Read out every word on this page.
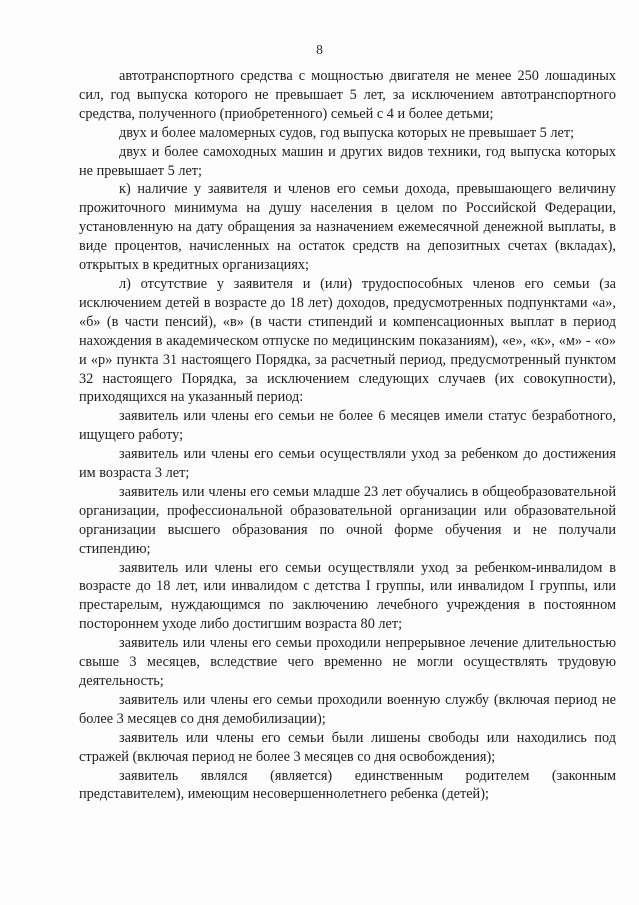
8

автотранспортного средства с мощностью двигателя не менее 250 лошадиных сил, год выпуска которого не превышает 5 лет, за исключением автотранспортного средства, полученного (приобретенного) семьей с 4 и более детьми;

двух и более маломерных судов, год выпуска которых не превышает 5 лет;

двух и более самоходных машин и других видов техники, год выпуска которых не превышает 5 лет;

к) наличие у заявителя и членов его семьи дохода, превышающего величину прожиточного минимума на душу населения в целом по Российской Федерации, установленную на дату обращения за назначением ежемесячной денежной выплаты, в виде процентов, начисленных на остаток средств на депозитных счетах (вкладах), открытых в кредитных организациях;

л) отсутствие у заявителя и (или) трудоспособных членов его семьи (за исключением детей в возрасте до 18 лет) доходов, предусмотренных подпунктами «а», «б» (в части пенсий), «в» (в части стипендий и компенсационных выплат в период нахождения в академическом отпуске по медицинским показаниям), «е», «к», «м» - «о» и «р» пункта 31 настоящего Порядка, за расчетный период, предусмотренный пунктом 32 настоящего Порядка, за исключением следующих случаев (их совокупности), приходящихся на указанный период:

заявитель или члены его семьи не более 6 месяцев имели статус безработного, ищущего работу;

заявитель или члены его семьи осуществляли уход за ребенком до достижения им возраста 3 лет;

заявитель или члены его семьи младше 23 лет обучались в общеобразовательной организации, профессиональной образовательной организации или образовательной организации высшего образования по очной форме обучения и не получали стипендию;

заявитель или члены его семьи осуществляли уход за ребенком-инвалидом в возрасте до 18 лет, или инвалидом с детства I группы, или инвалидом I группы, или престарелым, нуждающимся по заключению лечебного учреждения в постоянном постороннем уходе либо достигшим возраста 80 лет;

заявитель или члены его семьи проходили непрерывное лечение длительностью свыше 3 месяцев, вследствие чего временно не могли осуществлять трудовую деятельность;

заявитель или члены его семьи проходили военную службу (включая период не более 3 месяцев со дня демобилизации);

заявитель или члены его семьи были лишены свободы или находились под стражей (включая период не более 3 месяцев со дня освобождения);

заявитель являлся (является) единственным родителем (законным представителем), имеющим несовершеннолетнего ребенка (детей);
